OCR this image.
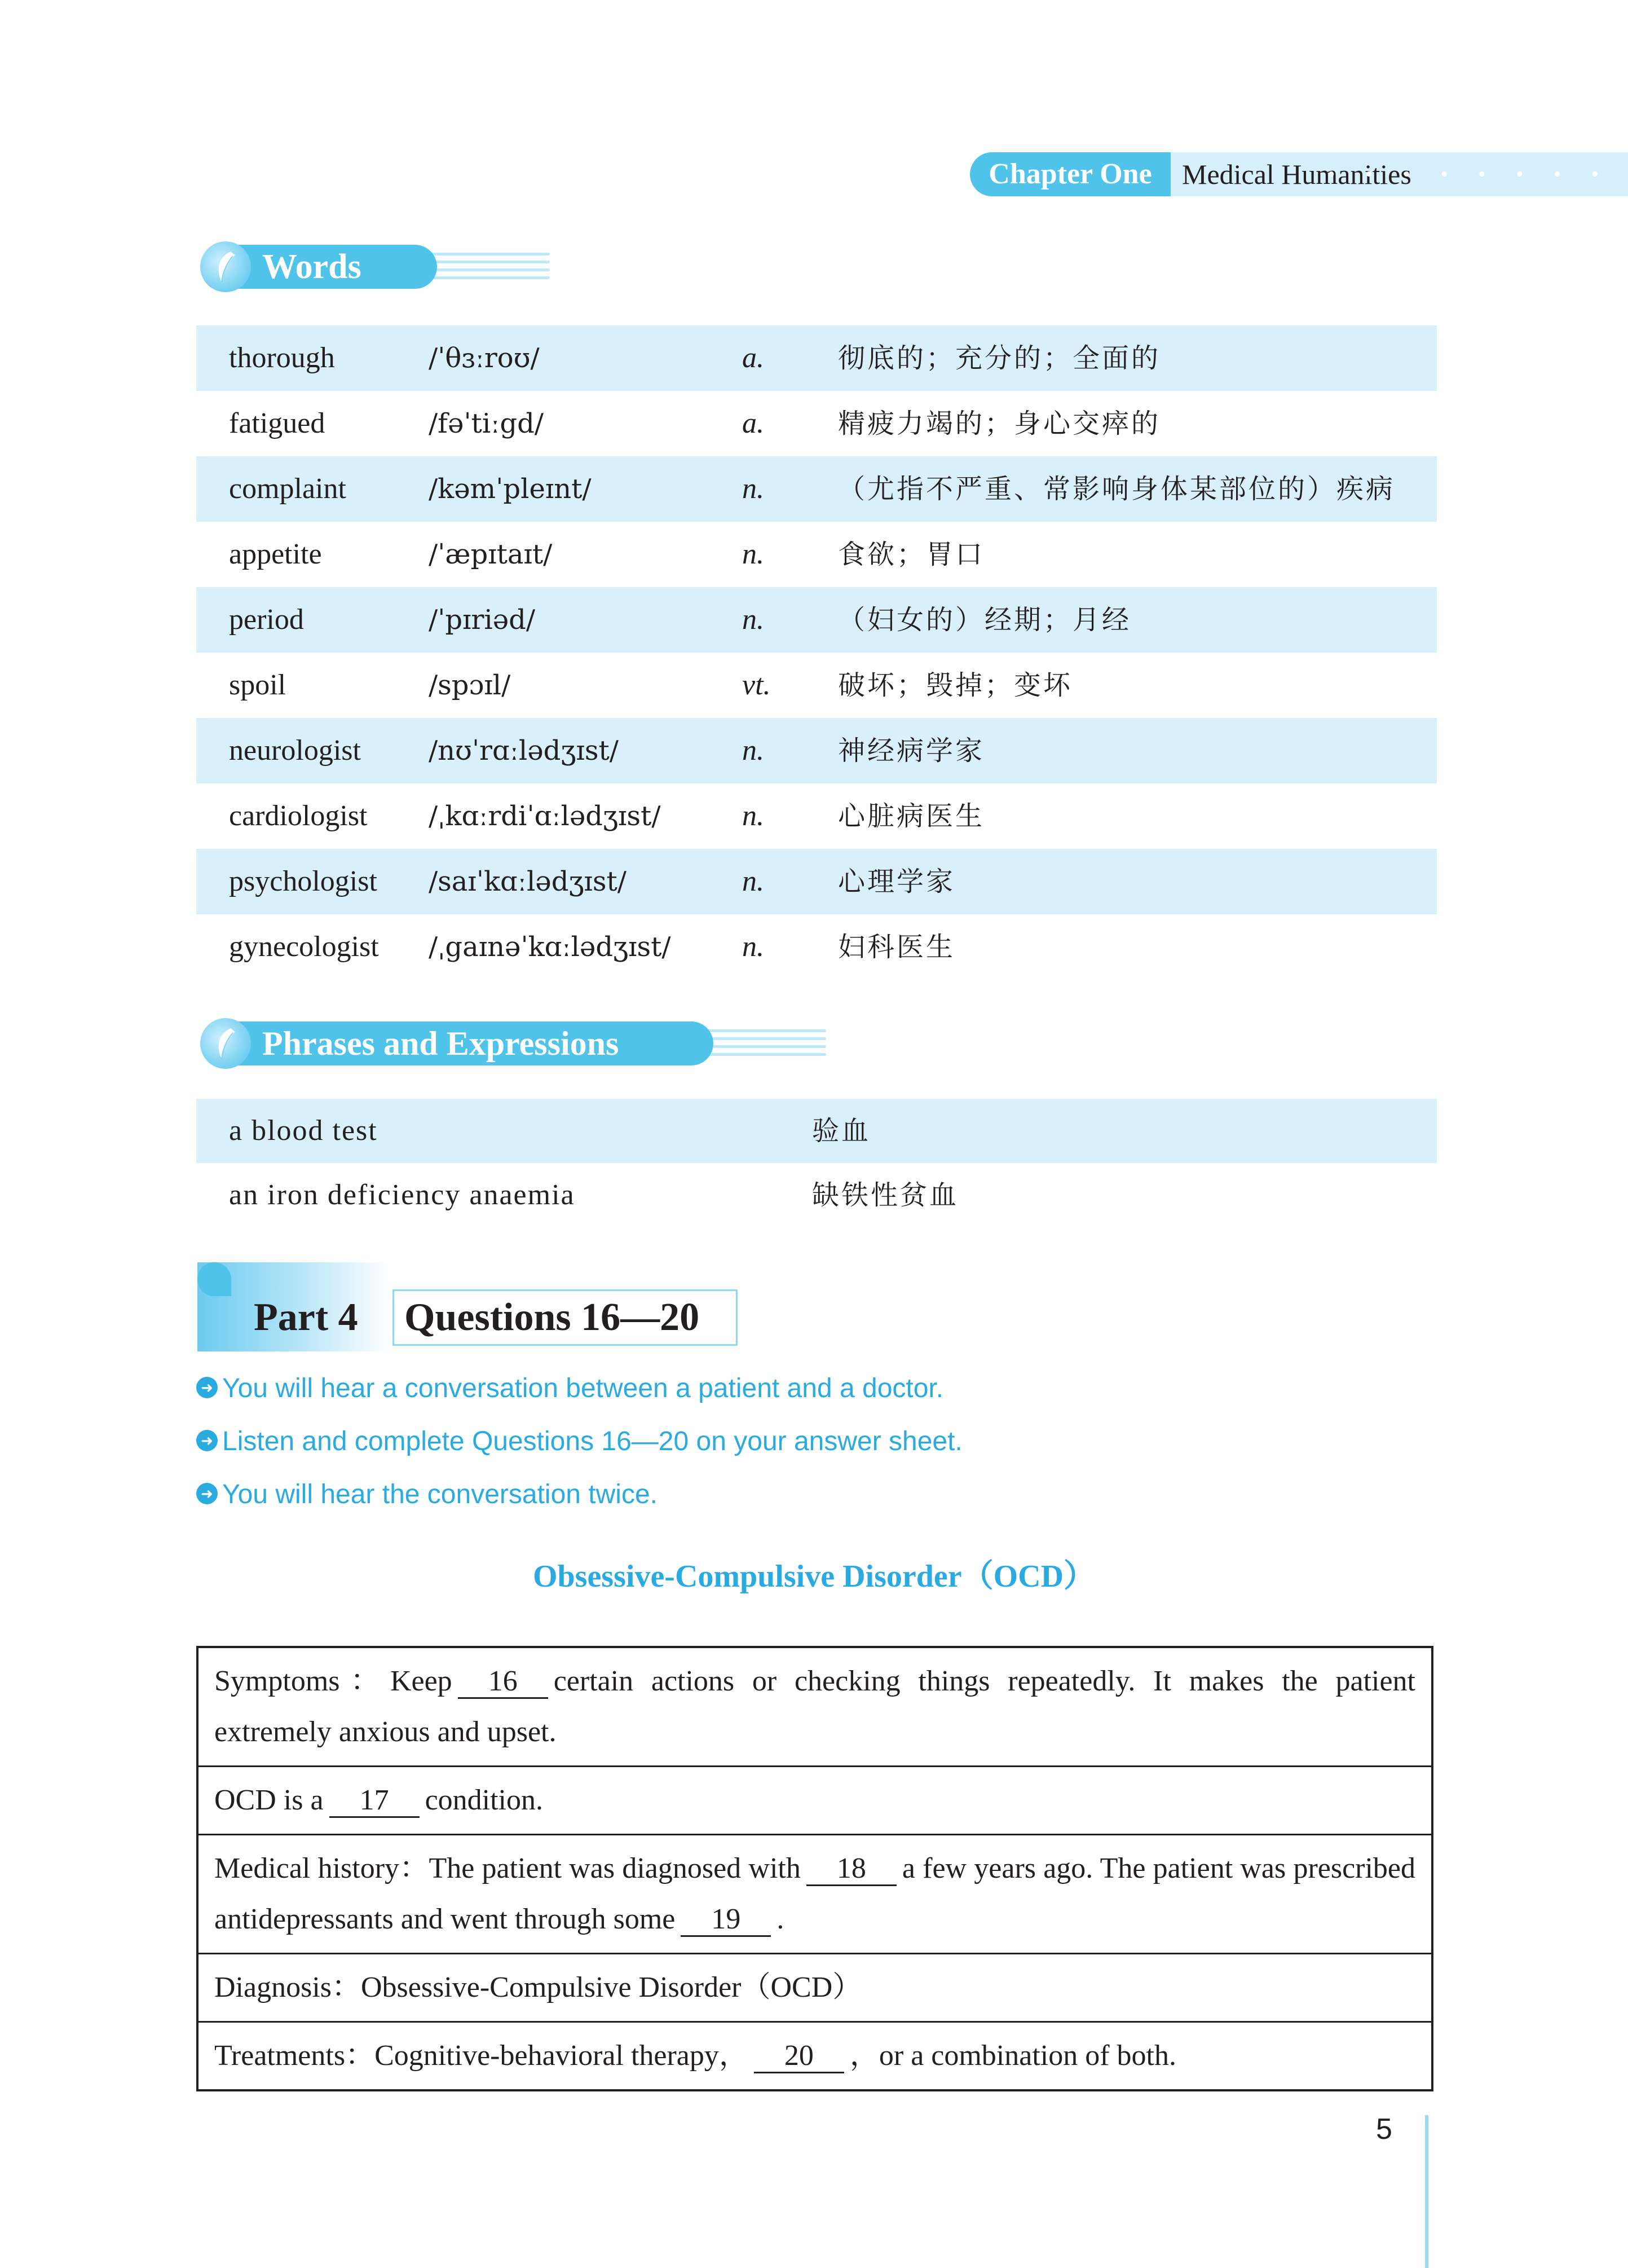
Chapter One	Medical Humanities
• • • • • • • •
Words
thorough	/ˈθɜːroʊ/	a.	彻底的；充分的；全面的
fatigued	/fəˈtiːgd/	a.	精疲力竭的；身心交瘁的
complaint	/kəmˈpleɪnt/	n.	（尤指不严重、常影响身体某部位的）疾病
appetite	/ˈæpɪtaɪt/	n.	食欲；胃口
period	/ˈpɪriəd/	n.	（妇女的）经期；月经
spoil	/spɔɪl/	vt. 破坏；毁掉；变坏
neurologist	/nʊˈrɑːlədʒɪst/	n.	神经病学家
cardiologist /ˌkɑːrdiˈɑːlədʒɪst/	n.	心脏病医生
psychologist /saɪˈkɑːlədʒɪst/	n.	心理学家
gynecologist /ˌgaɪnəˈkɑːlədʒɪst/ n.	妇科医生
Phrases and Expressions
a blood test	验血
an iron deficiency anaemia	缺铁性贫血
Part 4	Questions 16—20
➜ You will hear a conversation between a patient and a doctor.
➜ Listen and complete Questions 16—20 on your answer sheet.
➜ You will hear the conversation twice.
Obsessive-Compulsive Disorder（OCD）
Symptoms：Keep 16 certain actions or checking things repeatedly. It makes the patient extremely anxious and upset.
OCD is a 17 condition.
Medical history：The patient was diagnosed with 18 a few years ago. The patient was prescribed antidepressants and went through some 19 .
Diagnosis：Obsessive-Compulsive Disorder（OCD）
Treatments：Cognitive-behavioral therapy， 20 ，or a combination of both.
5
